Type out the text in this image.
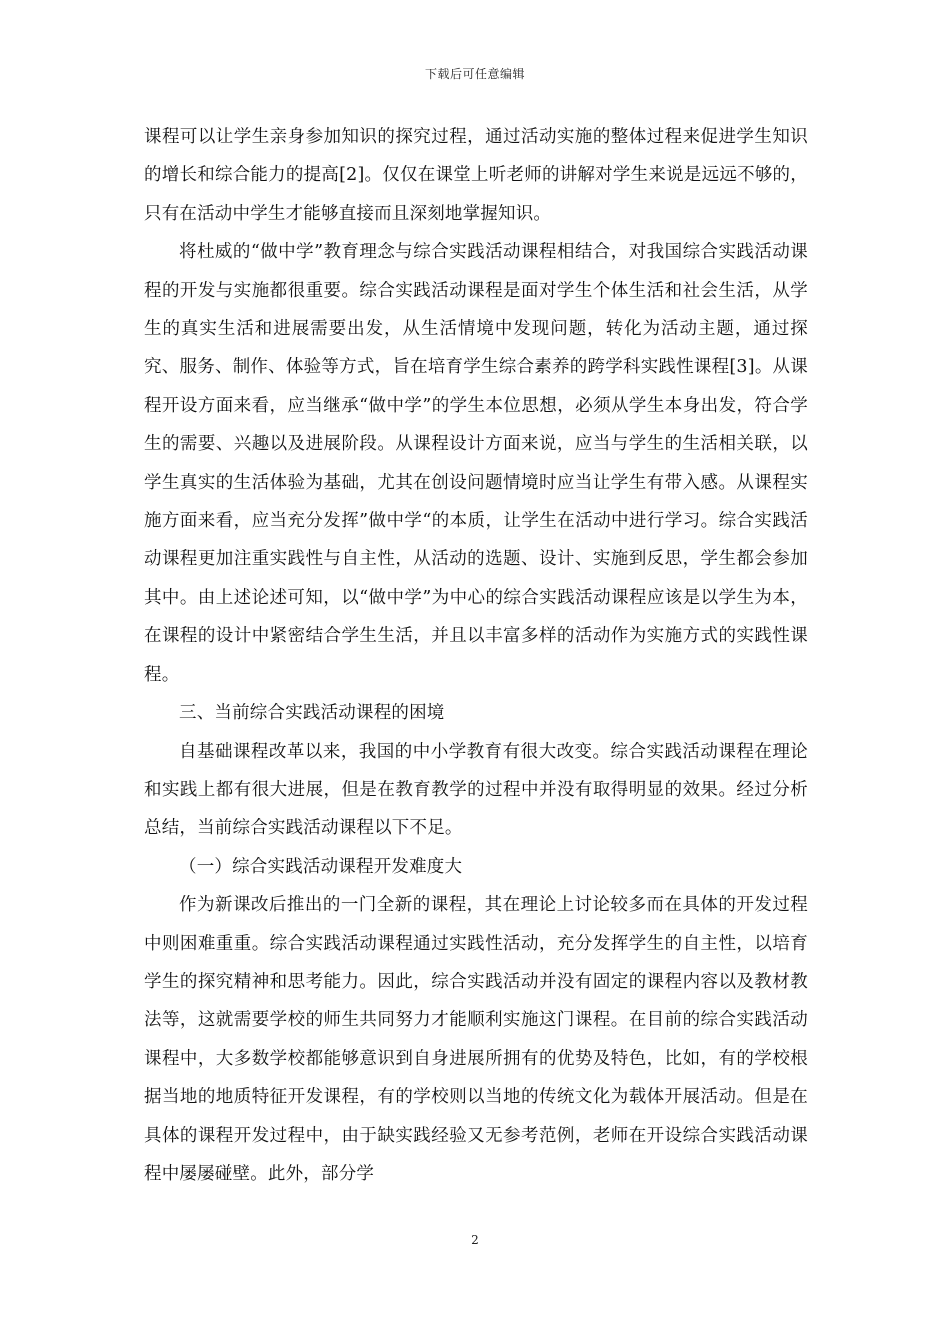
下载后可任意编辑

课程可以让学生亲身参加知识的探究过程，通过活动实施的整体过程来促进学生知识的增长和综合能力的提高[2]。仅仅在课堂上听老师的讲解对学生来说是远远不够的，只有在活动中学生才能够直接而且深刻地掌握知识。

将杜威的“做中学”教育理念与综合实践活动课程相结合，对我国综合实践活动课程的开发与实施都很重要。综合实践活动课程是面对学生个体生活和社会生活，从学生的真实生活和进展需要出发，从生活情境中发现问题，转化为活动主题，通过探究、服务、制作、体验等方式，旨在培育学生综合素养的跨学科实践性课程[3]。从课程开设方面来看，应当继承“做中学”的学生本位思想，必须从学生本身出发，符合学生的需要、兴趣以及进展阶段。从课程设计方面来说，应当与学生的生活相关联，以学生真实的生活体验为基础，尤其在创设问题情境时应当让学生有带入感。从课程实施方面来看，应当充分发挥”做中学“的本质，让学生在活动中进行学习。综合实践活动课程更加注重实践性与自主性，从活动的选题、设计、实施到反思，学生都会参加其中。由上述论述可知，以“做中学”为中心的综合实践活动课程应该是以学生为本，在课程的设计中紧密结合学生生活，并且以丰富多样的活动作为实施方式的实践性课程。

三、当前综合实践活动课程的困境

自基础课程改革以来，我国的中小学教育有很大改变。综合实践活动课程在理论和实践上都有很大进展，但是在教育教学的过程中并没有取得明显的效果。经过分析总结，当前综合实践活动课程以下不足。

（一）综合实践活动课程开发难度大

作为新课改后推出的一门全新的课程，其在理论上讨论较多而在具体的开发过程中则困难重重。综合实践活动课程通过实践性活动，充分发挥学生的自主性，以培育学生的探究精神和思考能力。因此，综合实践活动并没有固定的课程内容以及教材教法等，这就需要学校的师生共同努力才能顺利实施这门课程。在目前的综合实践活动课程中，大多数学校都能够意识到自身进展所拥有的优势及特色，比如，有的学校根据当地的地质特征开发课程，有的学校则以当地的传统文化为载体开展活动。但是在具体的课程开发过程中，由于缺实践经验又无参考范例，老师在开设综合实践活动课程中屡屡碰壁。此外，部分学

2
